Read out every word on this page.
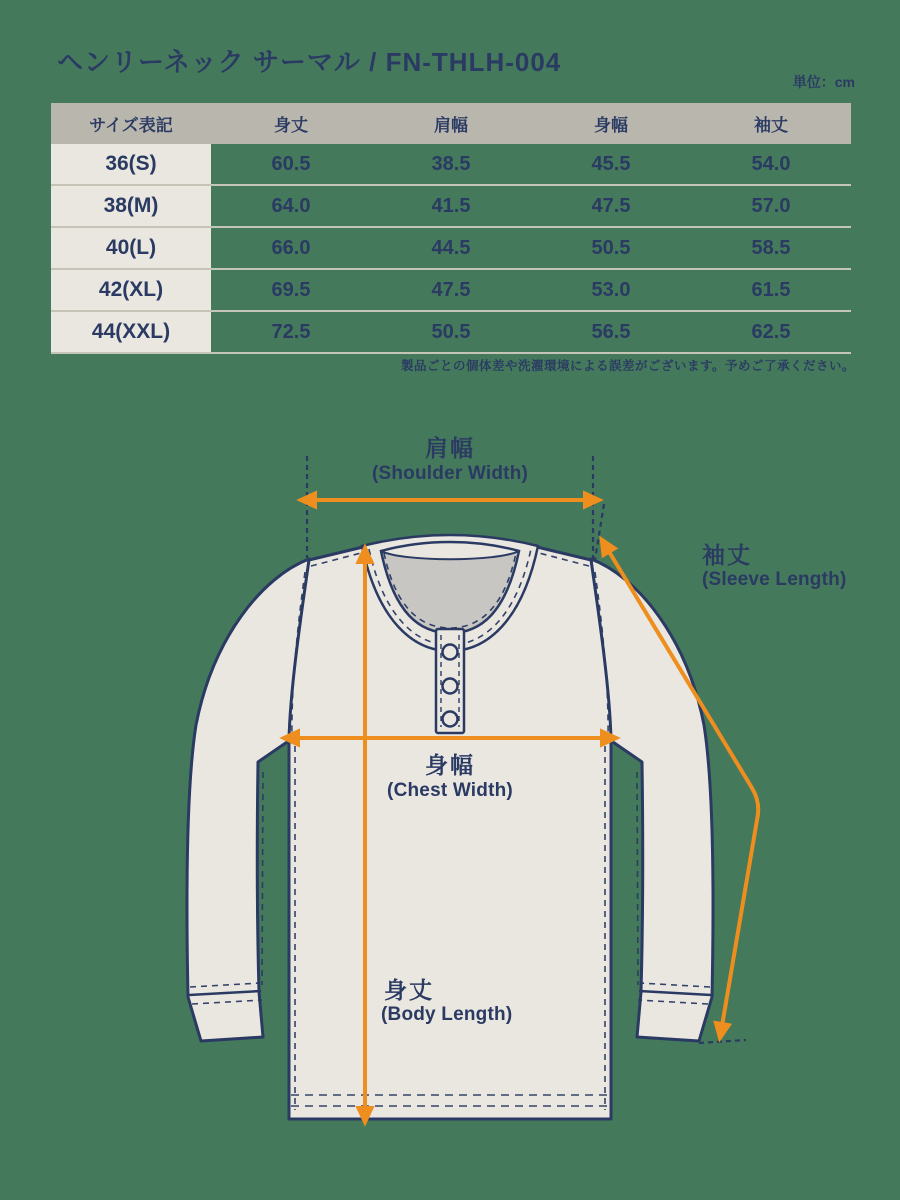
ヘンリーネック サーマル / FN-THLH-004
単位：cm
サイズ表記	身丈	肩幅	身幅	袖丈
36(S)	60.5	38.5	45.5	54.0
38(M)	64.0	41.5	47.5	57.0
40(L)	66.0	44.5	50.5	58.5
42(XL)	69.5	47.5	53.0	61.5
44(XXL)	72.5	50.5	56.5	62.5
製品ごとの個体差や洗濯環境による誤差がございます。予めご了承ください。
肩幅
(Shoulder Width)
袖丈
(Sleeve Length)
身幅
(Chest Width)
身丈
(Body Length)
